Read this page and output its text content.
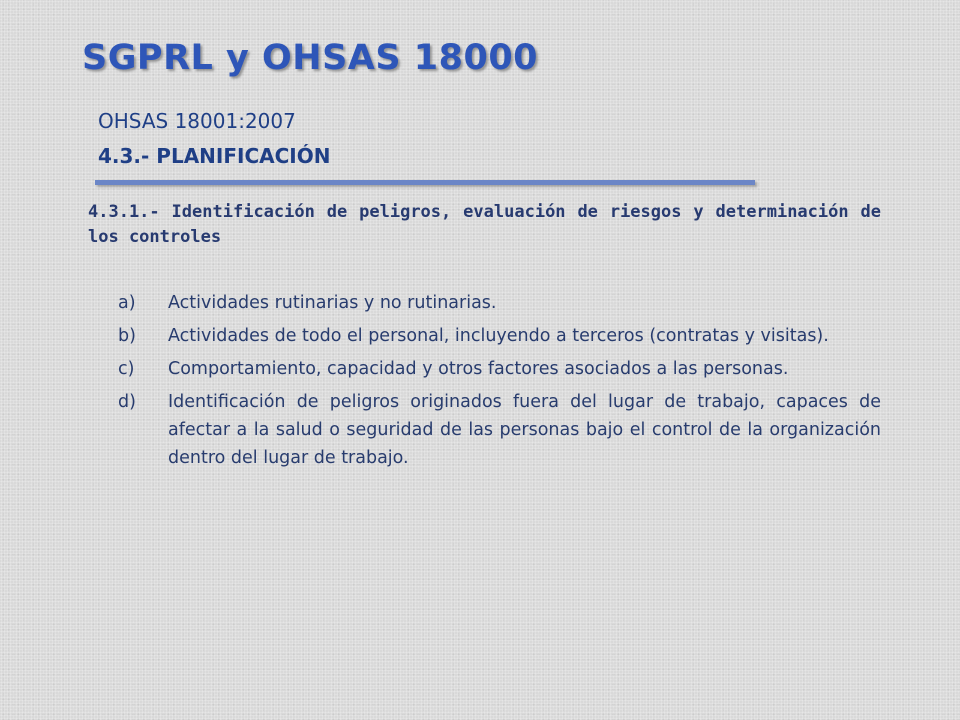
SGPRL y OHSAS 18000
OHSAS 18001:2007
4.3.- PLANIFICACIÓN
4.3.1.- Identificación de peligros, evaluación de riesgos y determinación de los controles
a)	Actividades rutinarias y no rutinarias.
b)	Actividades de todo el personal, incluyendo a terceros (contratas y visitas).
c)	Comportamiento, capacidad y otros factores asociados a las personas.
d)	Identificación de peligros originados fuera del lugar de trabajo, capaces de afectar a la salud o seguridad de las personas bajo el control de la organización dentro del lugar de trabajo.
